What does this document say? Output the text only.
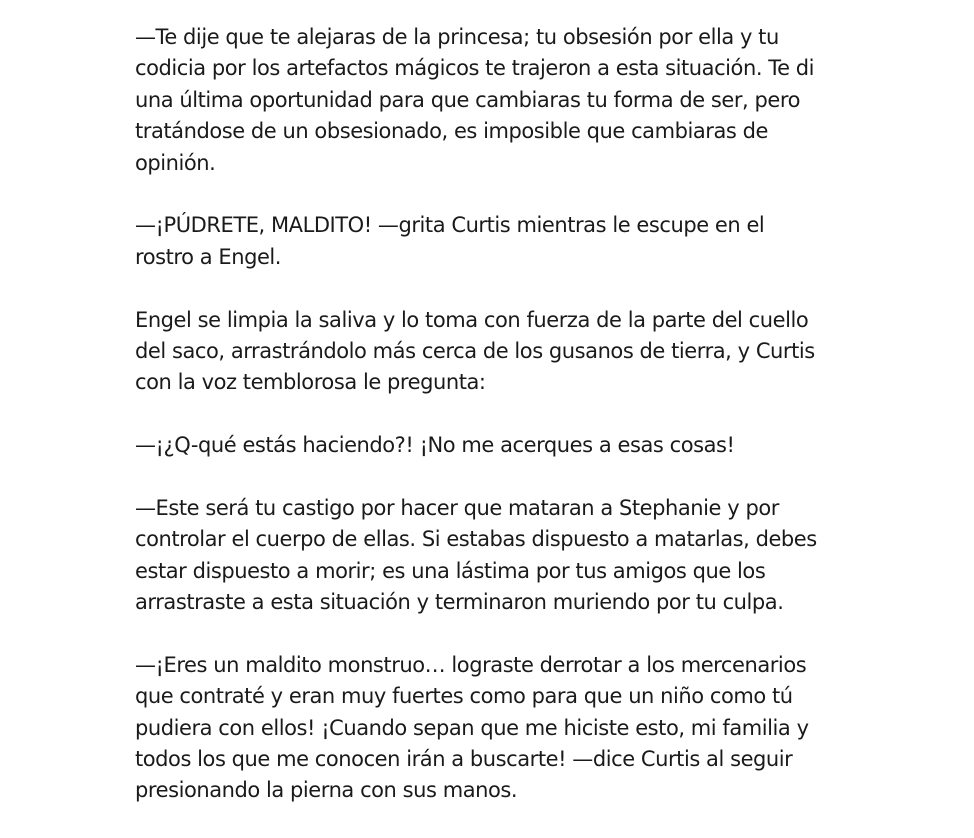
—Te dije que te alejaras de la princesa; tu obsesión por ella y tu
codicia por los artefactos mágicos te trajeron a esta situación. Te di
una última oportunidad para que cambiaras tu forma de ser, pero
tratándose de un obsesionado, es imposible que cambiaras de
opinión.

—¡PÚDRETE, MALDITO! —grita Curtis mientras le escupe en el
rostro a Engel.

Engel se limpia la saliva y lo toma con fuerza de la parte del cuello
del saco, arrastrándolo más cerca de los gusanos de tierra, y Curtis
con la voz temblorosa le pregunta:

—¡¿Q-qué estás haciendo?! ¡No me acerques a esas cosas!

—Este será tu castigo por hacer que mataran a Stephanie y por
controlar el cuerpo de ellas. Si estabas dispuesto a matarlas, debes
estar dispuesto a morir; es una lástima por tus amigos que los
arrastraste a esta situación y terminaron muriendo por tu culpa.

—¡Eres un maldito monstruo… lograste derrotar a los mercenarios
que contraté y eran muy fuertes como para que un niño como tú
pudiera con ellos! ¡Cuando sepan que me hiciste esto, mi familia y
todos los que me conocen irán a buscarte! —dice Curtis al seguir
presionando la pierna con sus manos.
